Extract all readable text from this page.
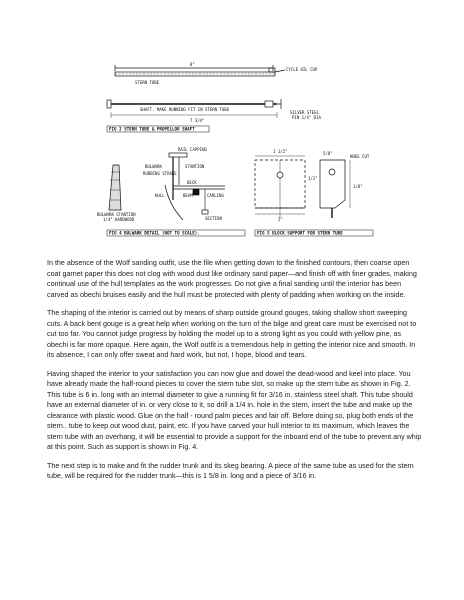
8"
CYCLE OIL CUP
STERN TUBE
SHAFT. MAKE RUNNING FIT IN STERN TUBE
7 3/4"
SILVER STEEL
PIN 1/4" DIA
FIG 2 STERN TUBE & PROPELLOR SHAFT
RAIL CAPPING
BULWARK	STANTION
RUBBING STRAKE
DECK
HULL	BEAM	CARLING
SECTION
BULWARK STANTION
1/4" HARDWOOD
FIG 4 BULWARK DETAIL (NOT TO SCALE).
1 1/2"	5/8"
KNEE CUT
1/2"
2"
1/8"
FIG 5 BLOCK SUPPORT FOR STERN TUBE

In the absence of the Wolf sanding outfit, use the file when getting down to the finished contours, then coarse open coat garnet paper this does not clog with wood dust like ordinary sand paper—and finish off with finer grades, making continual use of the hull templates as the work progresses. Do not give a final sanding until the interior has been carved as obechi bruises easily and the hull must be protected with plenty of padding when working on the inside.

The shaping of the interior is carried out by means of sharp outside ground gouges, taking shallow short sweeping cuts. A back bent gouge is a great help when working on the turn of the bilge and great care must be exercised not to cut too far. You cannot judge progress by holding the model up to a strong light as you could with yellow pine, as obechi is far more opaque. Here again, the Wolf outfit is a tremendous help in getting the interior nice and smooth. In its absence, I can only offer sweat and hard work, but not, I hope, blood and tears.

Having shaped the interior to your satisfaction you can now glue and dowel the dead-wood and keel into place. You have already made the half-round pieces to cover the stern tube slot, so make up the stern tube as shown in Fig. 2. This tube is 6 in. long with an internal diameter to give a running fit for 3/16 in. stainless steel shaft. This tube should have an external diameter of in. or very close to it, so drill a 1/4 in. hole in the stern, insert the tube and make up the clearance with plastic wood. Glue on the half - round palm pieces and fair off. Before doing so, plug both ends of the stern.. tube to keep out wood dust, paint, etc. If you have carved your hull interior to its maximum, which leaves the stern tube with an overhang, it will be essential to provide a support for the inboard end of the tube to prevent any whip at this point. Such as support is shown in Fig. 4.

The next step is to make and fit the rudder trunk and its skeg bearing. A piece of the same tube as used for the stern tube, will be required for the rudder trunk—this is 1 5/8 in. long and a piece of 3/16 in.
